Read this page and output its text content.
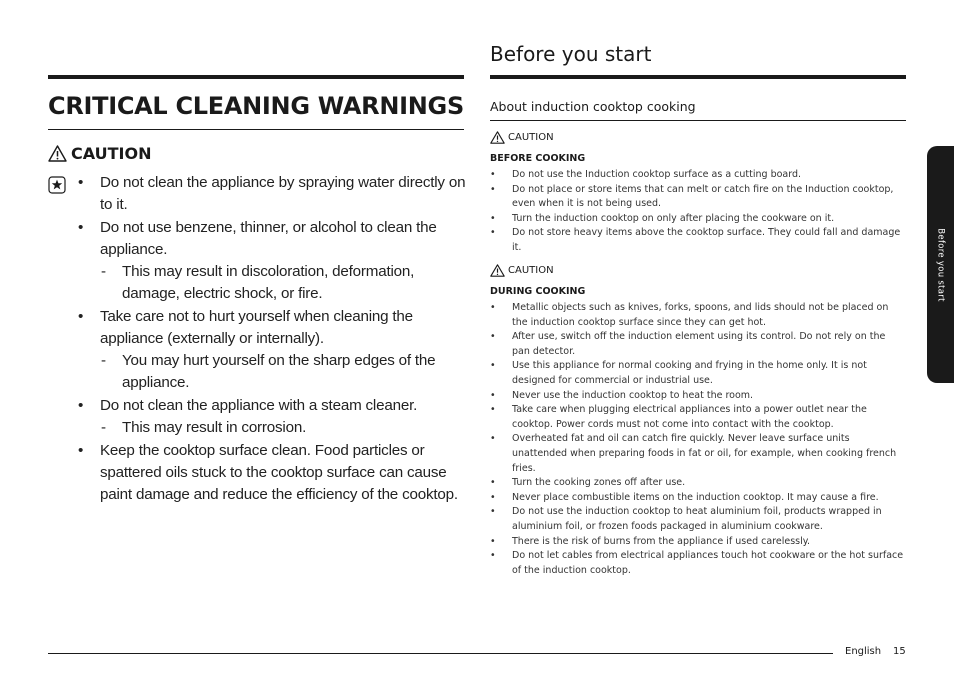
CRITICAL CLEANING WARNINGS
CAUTION
• Do not clean the appliance by spraying water directly on to it.
• Do not use benzene, thinner, or alcohol to clean the appliance.
- This may result in discoloration, deformation, damage, electric shock, or fire.
• Take care not to hurt yourself when cleaning the appliance (externally or internally).
- You may hurt yourself on the sharp edges of the appliance.
• Do not clean the appliance with a steam cleaner.
- This may result in corrosion.
• Keep the cooktop surface clean. Food particles or spattered oils stuck to the cooktop surface can cause paint damage and reduce the efficiency of the cooktop.
Before you start
About induction cooktop cooking
CAUTION
BEFORE COOKING
• Do not use the Induction cooktop surface as a cutting board.
• Do not place or store items that can melt or catch fire on the Induction cooktop, even when it is not being used.
• Turn the induction cooktop on only after placing the cookware on it.
• Do not store heavy items above the cooktop surface. They could fall and damage it.
CAUTION
DURING COOKING
• Metallic objects such as knives, forks, spoons, and lids should not be placed on the induction cooktop surface since they can get hot.
• After use, switch off the induction element using its control. Do not rely on the pan detector.
• Use this appliance for normal cooking and frying in the home only. It is not designed for commercial or industrial use.
• Never use the induction cooktop to heat the room.
• Take care when plugging electrical appliances into a power outlet near the cooktop. Power cords must not come into contact with the cooktop.
• Overheated fat and oil can catch fire quickly. Never leave surface units unattended when preparing foods in fat or oil, for example, when cooking french fries.
• Turn the cooking zones off after use.
• Never place combustible items on the induction cooktop. It may cause a fire.
• Do not use the induction cooktop to heat aluminium foil, products wrapped in aluminium foil, or frozen foods packaged in aluminium cookware.
• There is the risk of burns from the appliance if used carelessly.
• Do not let cables from electrical appliances touch hot cookware or the hot surface of the induction cooktop.
Before you start
English 15
